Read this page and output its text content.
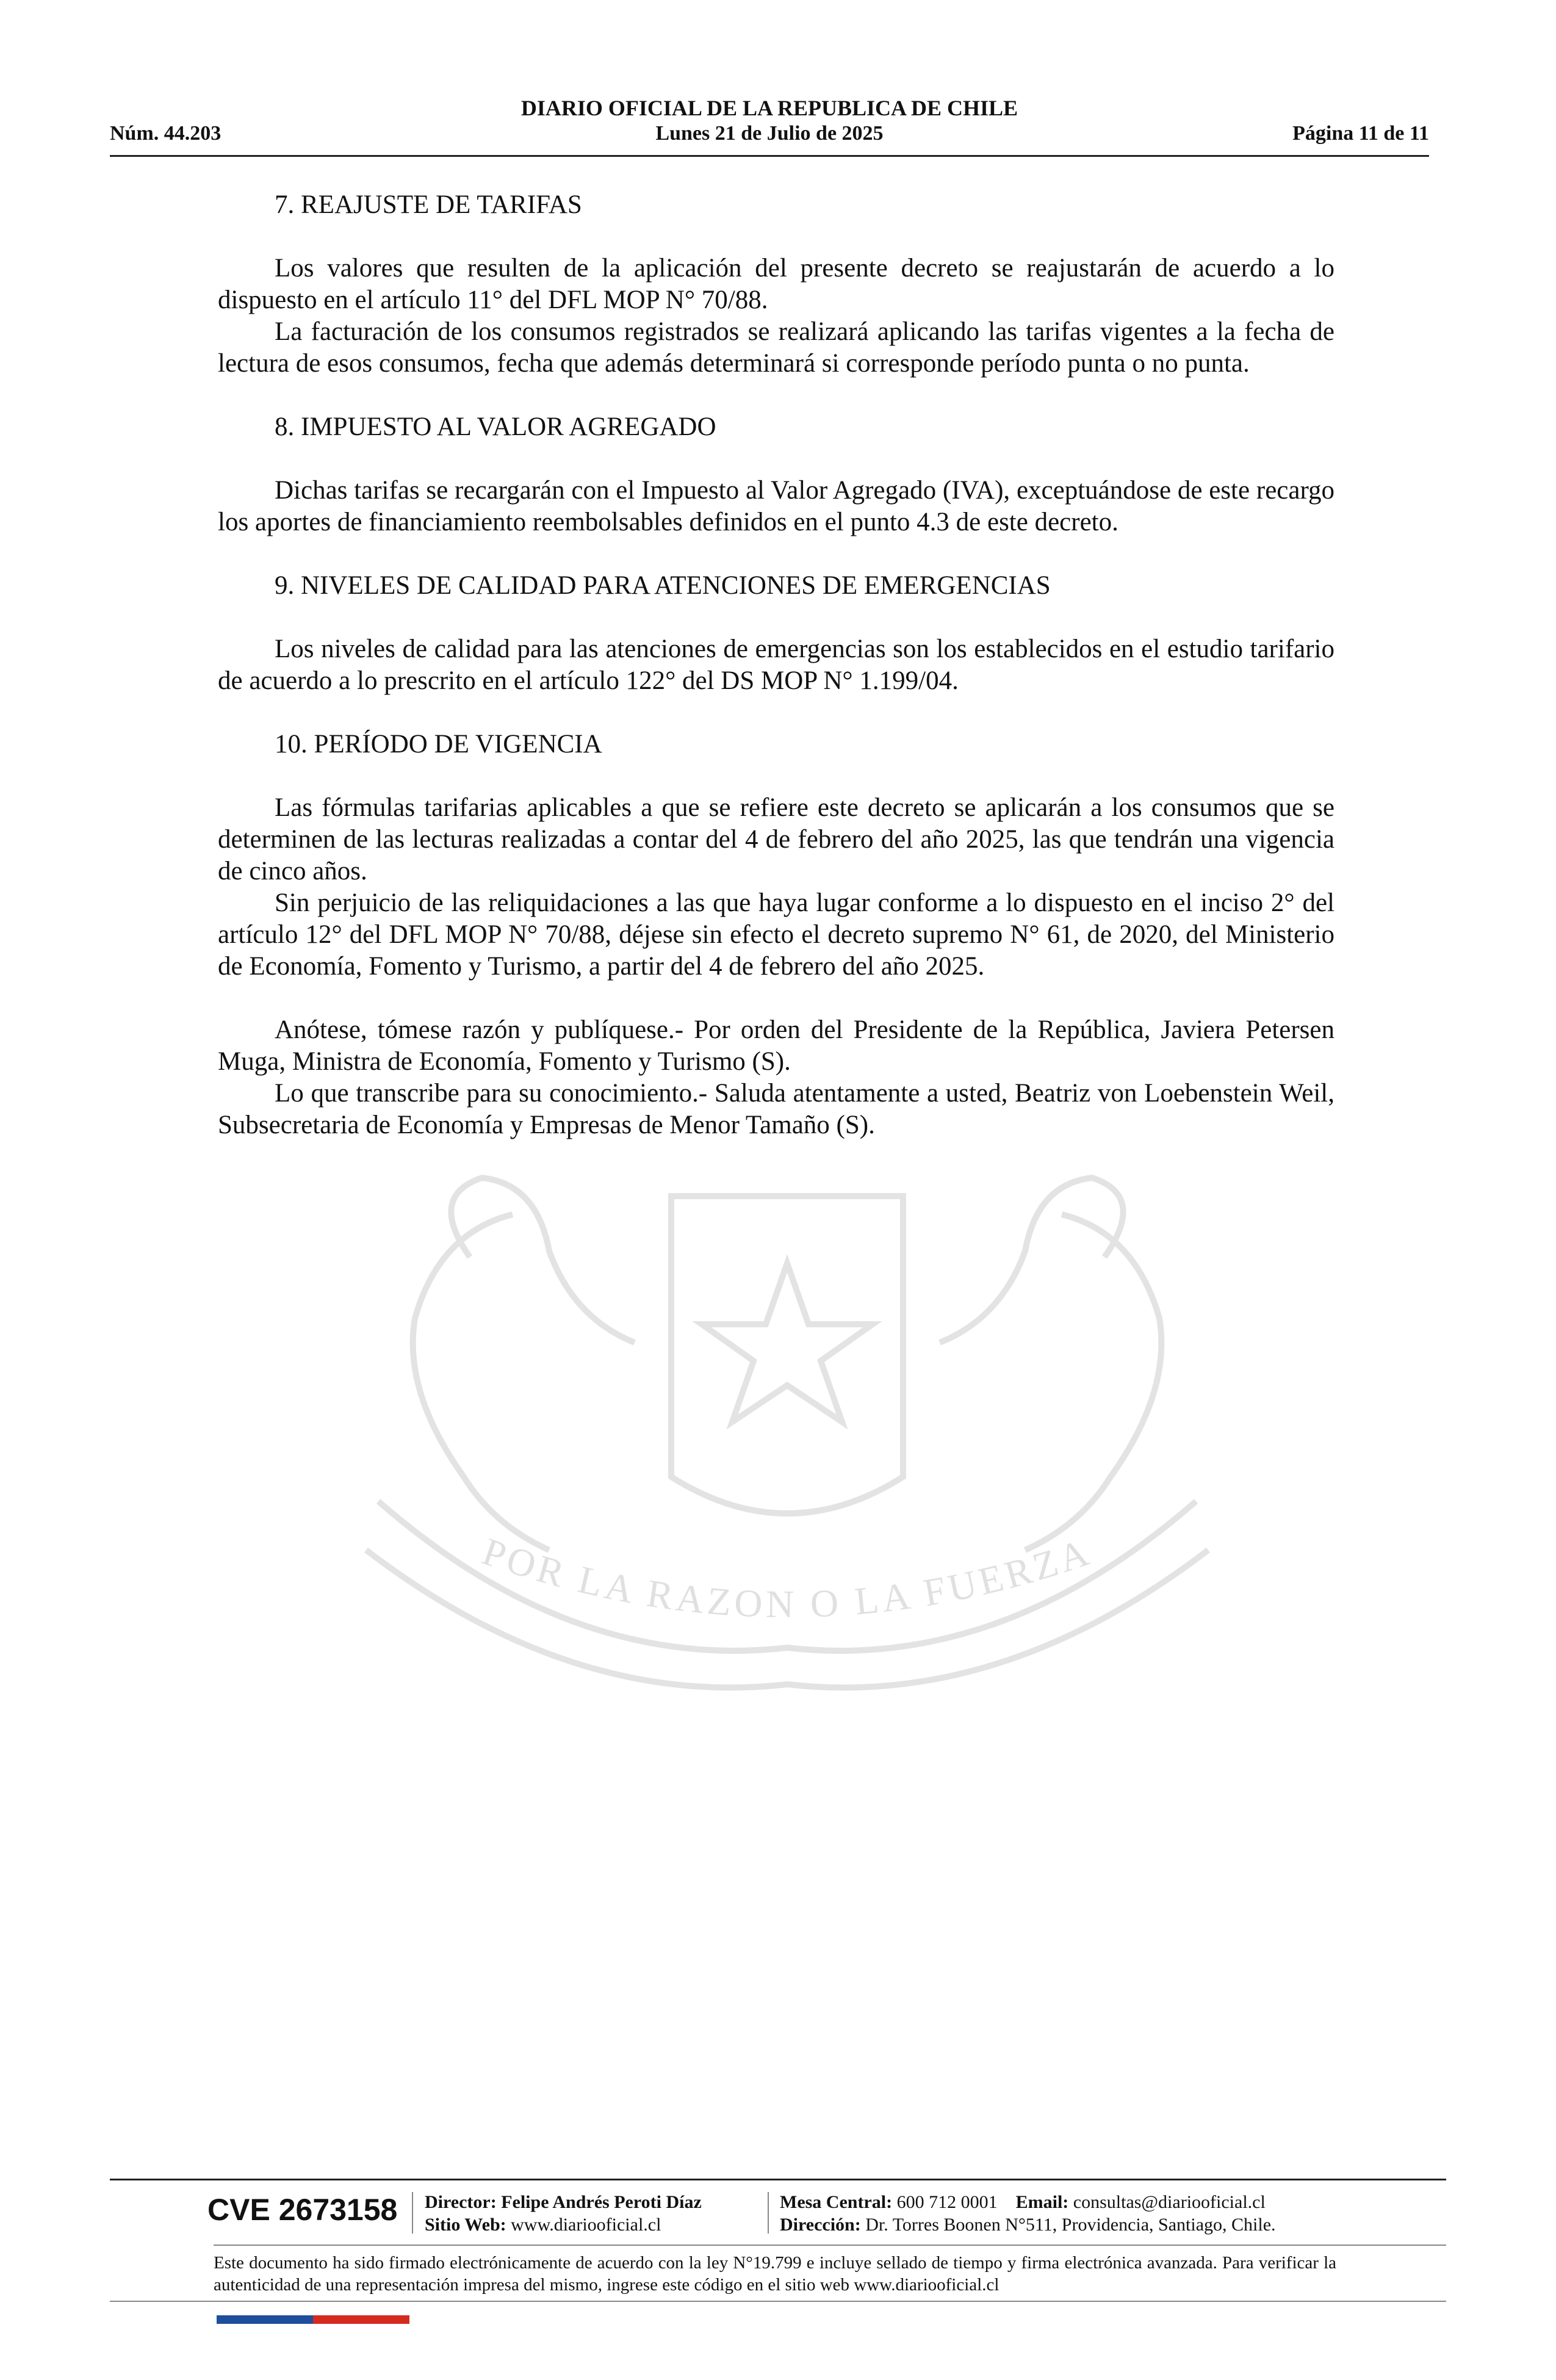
DIARIO OFICIAL DE LA REPUBLICA DE CHILE
Núm. 44.203	Lunes 21 de Julio de 2025	Página 11 de 11
POR LA RAZON O LA FUERZA

7. REAJUSTE DE TARIFAS

Los valores que resulten de la aplicación del presente decreto se reajustarán de acuerdo a lo dispuesto en el artículo 11° del DFL MOP N° 70/88.

La facturación de los consumos registrados se realizará aplicando las tarifas vigentes a la fecha de lectura de esos consumos, fecha que además determinará si corresponde período punta o no punta.

8. IMPUESTO AL VALOR AGREGADO

Dichas tarifas se recargarán con el Impuesto al Valor Agregado (IVA), exceptuándose de este recargo los aportes de financiamiento reembolsables definidos en el punto 4.3 de este decreto.

9. NIVELES DE CALIDAD PARA ATENCIONES DE EMERGENCIAS

Los niveles de calidad para las atenciones de emergencias son los establecidos en el estudio tarifario de acuerdo a lo prescrito en el artículo 122° del DS MOP N° 1.199/04.

10. PERÍODO DE VIGENCIA

Las fórmulas tarifarias aplicables a que se refiere este decreto se aplicarán a los consumos que se determinen de las lecturas realizadas a contar del 4 de febrero del año 2025, las que tendrán una vigencia de cinco años.

Sin perjuicio de las reliquidaciones a las que haya lugar conforme a lo dispuesto en el inciso 2° del artículo 12° del DFL MOP N° 70/88, déjese sin efecto el decreto supremo N° 61, de 2020, del Ministerio de Economía, Fomento y Turismo, a partir del 4 de febrero del año 2025.

Anótese, tómese razón y publíquese.- Por orden del Presidente de la República, Javiera Petersen Muga, Ministra de Economía, Fomento y Turismo (S).

Lo que transcribe para su conocimiento.- Saluda atentamente a usted, Beatriz von Loebenstein Weil, Subsecretaria de Economía y Empresas de Menor Tamaño (S).

CVE 2673158 Director: Felipe Andrés Peroti Díaz
Sitio Web: www.diariooficial.cl
Mesa Central: 600 712 0001 Email: consultas@diariooficial.cl
Dirección: Dr. Torres Boonen N°511, Providencia, Santiago, Chile.
Este documento ha sido firmado electrónicamente de acuerdo con la ley N°19.799 e incluye sellado de tiempo y firma electrónica avanzada. Para verificar la autenticidad de una representación impresa del mismo, ingrese este código en el sitio web www.diariooficial.cl
